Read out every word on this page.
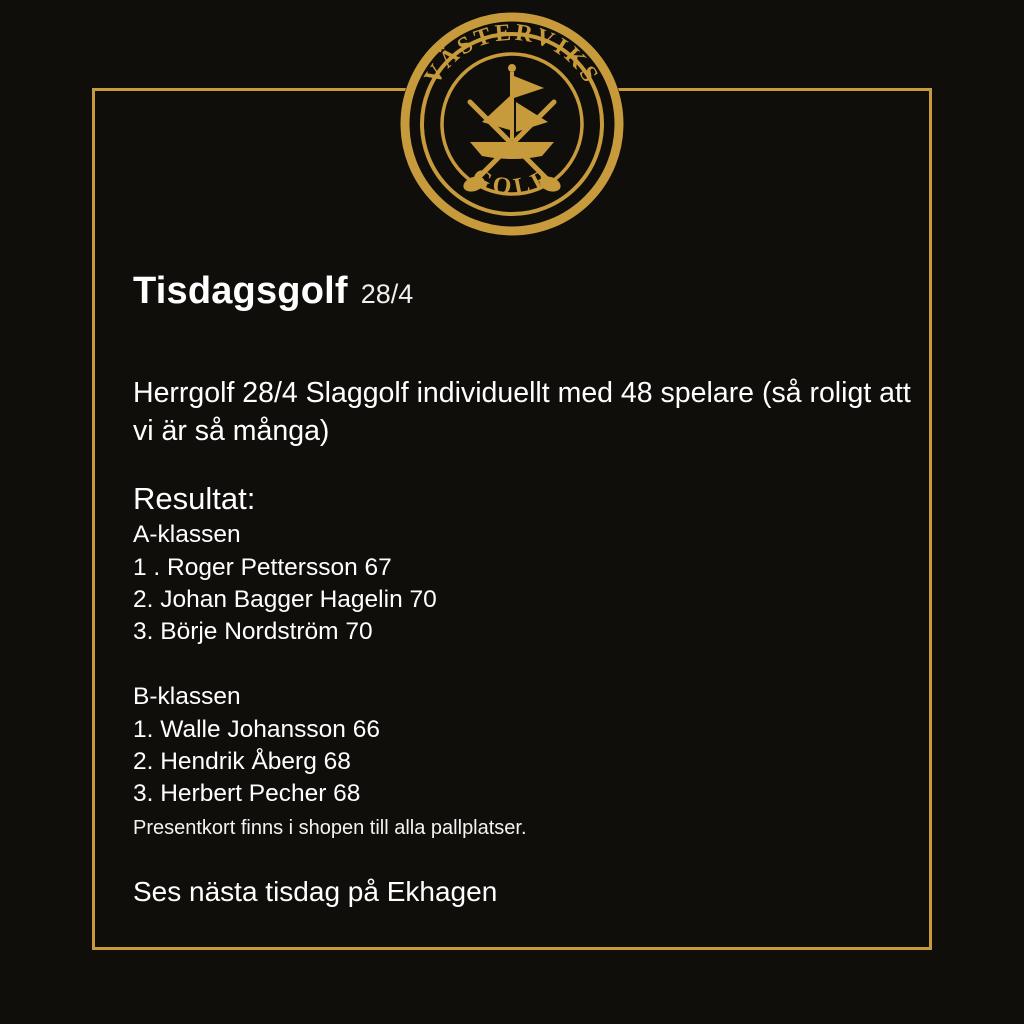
VÄSTERVIKS
GOLF
Tisdagsgolf 28/4
Herrgolf 28/4 Slaggolf individuellt med 48 spelare (så roligt att vi är så många)
Resultat:
A-klassen
1 . Roger Pettersson 67
2. Johan Bagger Hagelin 70
3. Börje Nordström 70
B-klassen
1. Walle Johansson 66
2. Hendrik Åberg 68
3. Herbert Pecher 68
Presentkort finns i shopen till alla pallplatser.
Ses nästa tisdag på Ekhagen
